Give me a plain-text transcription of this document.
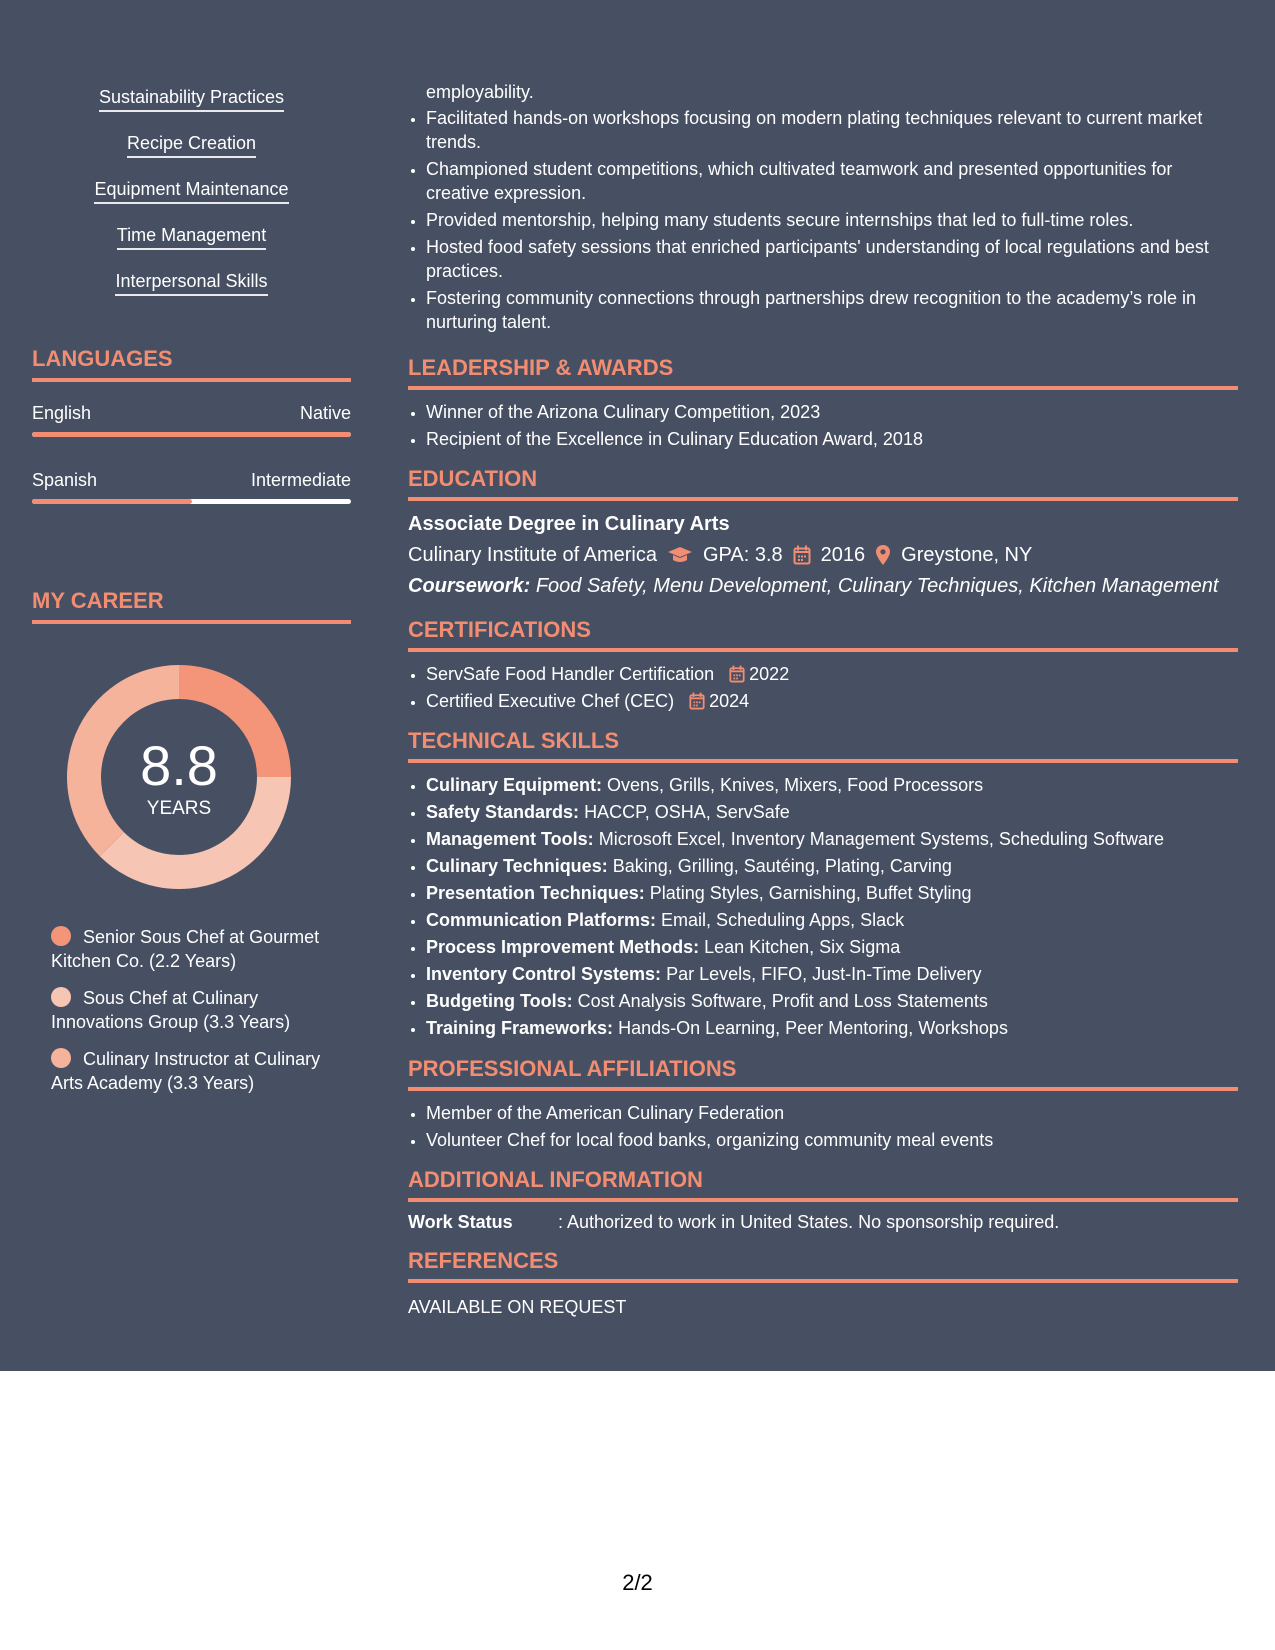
Sustainability Practices
Recipe Creation
Equipment Maintenance
Time Management
Interpersonal Skills
LANGUAGES
English	Native
Spanish	Intermediate
MY CAREER
8.8
YEARS
Senior Sous Chef at Gourmet Kitchen Co. (2.2 Years)
Sous Chef at Culinary Innovations Group (3.3 Years)
Culinary Instructor at Culinary Arts Academy (3.3 Years)
employability.
• Facilitated hands-on workshops focusing on modern plating techniques relevant to current market trends.
• Championed student competitions, which cultivated teamwork and presented opportunities for creative expression.
• Provided mentorship, helping many students secure internships that led to full-time roles.
• Hosted food safety sessions that enriched participants' understanding of local regulations and best practices.
• Fostering community connections through partnerships drew recognition to the academy’s role in nurturing talent.
LEADERSHIP & AWARDS
• Winner of the Arizona Culinary Competition, 2023
• Recipient of the Excellence in Culinary Education Award, 2018
EDUCATION
Associate Degree in Culinary Arts
Culinary Institute of America GPA: 3.8 2016 Greystone, NY
Coursework: Food Safety, Menu Development, Culinary Techniques, Kitchen Management
CERTIFICATIONS
• ServSafe Food Handler Certification 2022
• Certified Executive Chef (CEC) 2024
TECHNICAL SKILLS
• Culinary Equipment: Ovens, Grills, Knives, Mixers, Food Processors
• Safety Standards: HACCP, OSHA, ServSafe
• Management Tools: Microsoft Excel, Inventory Management Systems, Scheduling Software
• Culinary Techniques: Baking, Grilling, Sautéing, Plating, Carving
• Presentation Techniques: Plating Styles, Garnishing, Buffet Styling
• Communication Platforms: Email, Scheduling Apps, Slack
• Process Improvement Methods: Lean Kitchen, Six Sigma
• Inventory Control Systems: Par Levels, FIFO, Just-In-Time Delivery
• Budgeting Tools: Cost Analysis Software, Profit and Loss Statements
• Training Frameworks: Hands-On Learning, Peer Mentoring, Workshops
PROFESSIONAL AFFILIATIONS
• Member of the American Culinary Federation
• Volunteer Chef for local food banks, organizing community meal events
ADDITIONAL INFORMATION
Work Status	: Authorized to work in United States. No sponsorship required.
REFERENCES
AVAILABLE ON REQUEST
2/2
